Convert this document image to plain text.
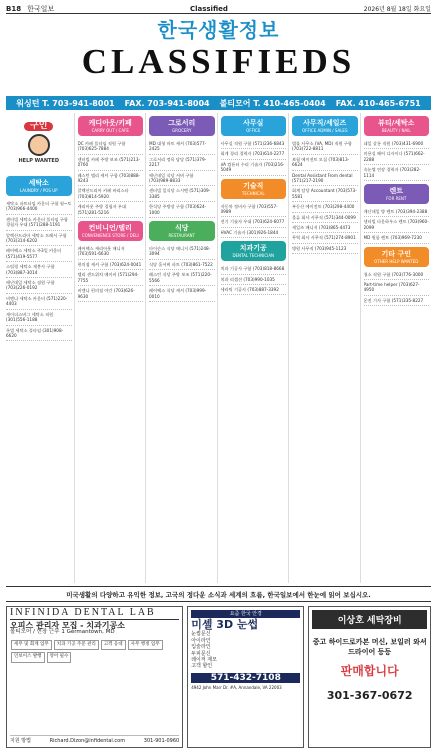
B18 한국일보	Classified	2026년 8월 18일 화요일
한국생활정보
CLASSIFIEDS
워싱턴 T. 703-941-8001 FAX. 703-941-8004 볼티모어 T. 410-465-0404 FAX. 410-465-6751
구인
HELP WANTED
세탁소
LAUNDRY / POS UP
세탁소 파트타임 카운터 구함 월~토 (703)966-4400
센터빌 세탁소 카운터 풀타임 구함 경험자 우대 (571)288-1191
알렉산드리아 세탁소 프레서 구함 (703)314-6202
페어팩스 세탁소 주3일 카운터 (571)419-5577
스털링 세탁소 재봉사 구함 (703)887-3014
애난데일 세탁소 점원 구함 (703)226-0192
비엔나 세탁소 카운터 (571)220-4403
게이더스버그 세탁소 직원 (301)556-1188
록빌 세탁소 풀타임 (301)908-6620
케디아웃/키페
CARRY OUT / CAFE
DC 카페 풀타임 직원 구함 (703)625-7884
센터빌 카페 주방 보조 (571)213-0760
레스턴 델리 캐셔 구함 (703)888-9243
알렉산드리아 카페 바리스타 (703)814-5920
캐리아웃 주방 경험자 우대 (571)281-5216
컨비니언/델리
CONVENIENCE STORE / DELI
페어팩스 캐리아웃 매니저 (703)591-6630
편의점 캐셔 구함 (703)624-0041
델리 샌드위치 메이커 (571)294-7755
비엔나 편의점 야간 (703)626-9630
그로서리
GROCERY
MD 대형 마트 캐셔 (703)577-2425
그로서리 정육 담당 (571)379-2217
애난데일 식당 서버 구함 (703)989-8833
센터빌 일식당 스시맨 (571)309-3385
한식당 주방장 구함 (703)624-1000
식당
RESTAURANT
타이슨스 식당 매니저 (571)248-3094
식당 홀서버 파트 (703)861-7522
레스턴 식당 주방 보조 (571)220-5566
페어팩스 식당 캐셔 (703)999-0010
사무실
OFFICE
사무실 직원 구함 (571)236-6843
회계 경리 경력자 (703)614-2277
VA 컴퓨터 수리 기술자 (703)216-5049
기술직
TECHNICAL
자동차 정비사 구함 (703)557-0989
전기 기술자 우대 (703)624-6077
HVAC 기술자 (301)926-1844
치과기공
DENTAL TECHNICIAN
치과 기공사 구함 (703)818-8668
치과 리셉션 (703)990-1035
세라믹 기공사 (703)887-3392
사무직/세일즈
OFFICE ADMIN / SALES
법률 사무소 (VA, MD) 직원 구함 (703)722-8811
보험 에이전트 모집 (703)813-6624
Dental Assistant From dental (571)217-2190
회계 담당 Accountant (703)573-5581
부동산 에이전트 (703)298-4400
물류 회사 사무직 (571)344-0099
세일즈 매니저 (703)865-4473
무역 회사 사무직 (571)274-8901
병원 사무직 (703)945-1123
뷰티/세탁소
BEAUTY / NAIL
네일 살롱 직원 (703)431-6900
미용실 헤어 디자이너 (571)662-2288
속눈썹 연장 경력자 (703)282-1114
렌트
FOR RENT
애난데일 방 렌트 (703)394-2388
센터빌 타운하우스 렌트 (703)960-2099
MD 원룸 렌트 (703)969-7230
기타 구인
OTHER HELP WANTED
청소 직원 구함 (703)776-3000
Part-time helper (703)627-4950
운전 기사 구함 (571)335-8227
미국생활의 다양하고 유익한 정보, 고국의 정다운 소식과 세계의 흐름, 한국일보에서 한눈에 읽어 보십시오.
INFINIDA DENTAL LAB
오피스 관리자 모집 - 치과기공소
볼티모어 / 현장 근무 1 Germantown, MD
세무 및 회계 업무 치과 기공 주문 관리 고객 응대 사무 행정 업무인보이스 발행 영어 필수
지원 방법	Richard.Dizon@infidental.com	301-901-0960
요즘 한국 안경
미셸 3D 눈썹
눈썹문신
아이라인
입술라인
두피문신
레이저 제모
고객 할인
571-432-7108
4942 John Marr Dr. #A, Annandale, VA 22003
이상호 세탁장비
중고 하이드로카본 머신, 보일러 와셔 드라이어 등등
판매합니다
301-367-0672
